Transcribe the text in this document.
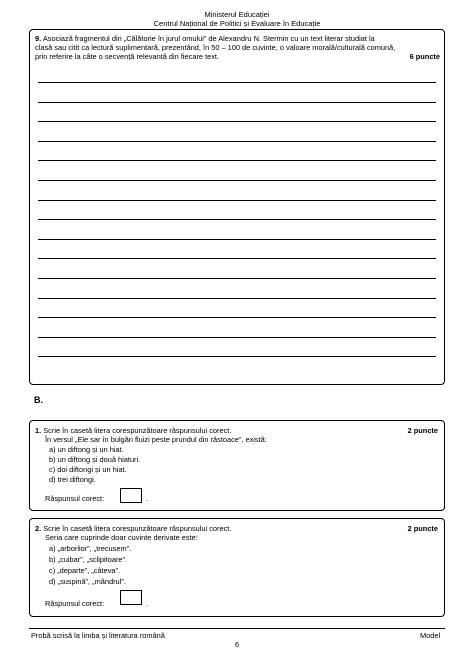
Ministerul Educației
Centrul Național de Politici și Evaluare în Educație
9. Asociază fragmentul din „Călătorie în jurul omului” de Alexandru N. Stermin cu un text literar studiat la
clasă sau citit ca lectură suplimentară, prezentând, în 50 – 100 de cuvinte, o valoare morală/culturală comună,
prin referire la câte o secvență relevantă din fiecare text.	6 puncte
B.
1. Scrie în casetă litera corespunzătoare răspunsului corect.	2 puncte
În versul „Ele sar în bulgări fluizi peste prundul din răstoace”, există:
a) un diftong și un hiat.
b) un diftong și două hiaturi.
c) doi diftongi și un hiat.
d) trei diftongi.
Răspunsul corect:	.
2. Scrie în casetă litera corespunzătoare răspunsului corect.	2 puncte
Seria care cuprinde doar cuvinte derivate este:
a) „arborilor”, „trecusem”.
b) „cuibar”, „sclipitoare”.
c) „departe”, „câteva”.
d) „suspină”, „mândrul”.
Răspunsul corect:	.
Probă scrisă la limba și literatura română	Model
6
